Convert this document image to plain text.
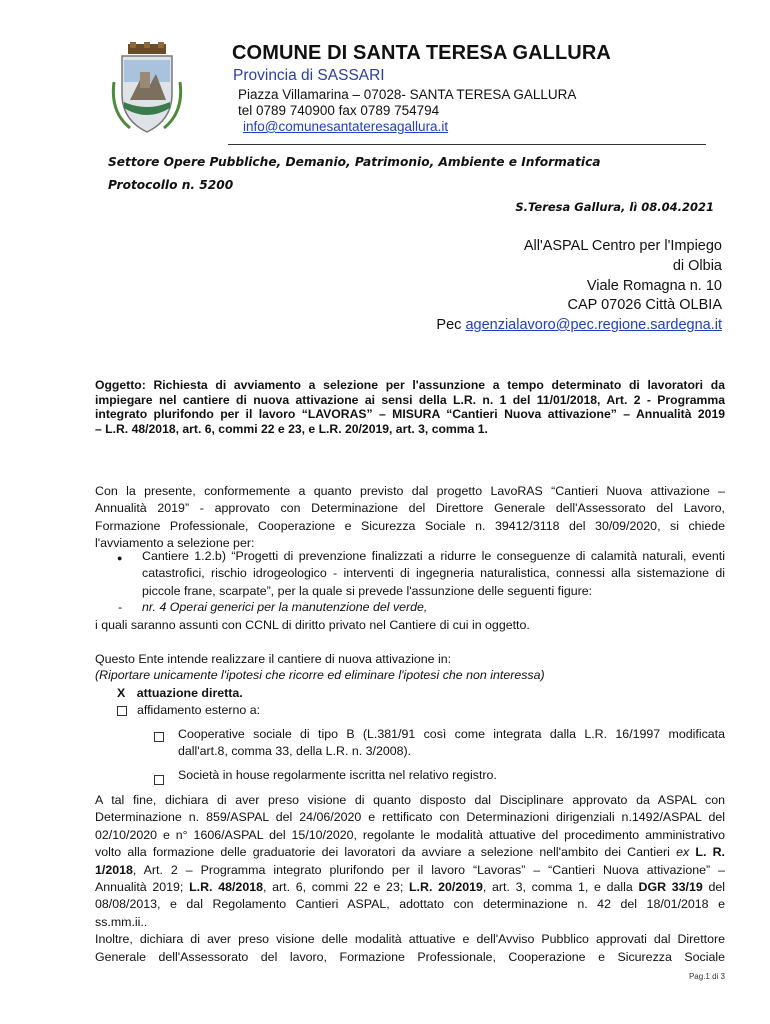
COMUNE DI SANTA TERESA GALLURA
Provincia di SASSARI
Piazza Villamarina – 07028- SANTA TERESA GALLURA
tel 0789 740900 fax 0789 754794
info@comunesantateresagallura.it
Settore Opere Pubbliche, Demanio, Patrimonio, Ambiente e Informatica
Protocollo n. 5200
S.Teresa Gallura, lì 08.04.2021
All'ASPAL Centro per l'Impiego
di Olbia
Viale Romagna n. 10
CAP 07026 Città OLBIA
Pec agenzialavoro@pec.regione.sardegna.it
Oggetto: Richiesta di avviamento a selezione per l'assunzione a tempo determinato di lavoratori da
impiegare nel cantiere di nuova attivazione ai sensi della L.R. n. 1 del 11/01/2018, Art. 2 - Programma
integrato plurifondo per il lavoro “LAVORAS” – MISURA “Cantieri Nuova attivazione” – Annualità 2019
– L.R. 48/2018, art. 6, commi 22 e 23, e L.R. 20/2019, art. 3, comma 1.
Con la presente, conformemente a quanto previsto dal progetto LavoRAS “Cantieri Nuova attivazione –
Annualità 2019” - approvato con Determinazione del Direttore Generale dell'Assessorato del Lavoro,
Formazione Professionale, Cooperazione e Sicurezza Sociale n. 39412/3118 del 30/09/2020, si chiede
l'avviamento a selezione per:
● Cantiere 1.2.b) “Progetti di prevenzione finalizzati a ridurre le conseguenze di calamità naturali, eventi
catastrofici, rischio idrogeologico - interventi di ingegneria naturalistica, connessi alla sistemazione di
piccole frane, scarpate”, per la quale si prevede l'assunzione delle seguenti figure:
- nr. 4 Operai generici per la manutenzione del verde,
i quali saranno assunti con CCNL di diritto privato nel Cantiere di cui in oggetto.
Questo Ente intende realizzare il cantiere di nuova attivazione in:
(Riportare unicamente l'ipotesi che ricorre ed eliminare l'ipotesi che non interessa)
X attuazione diretta.
affidamento esterno a:
Cooperative sociale di tipo B (L.381/91 così come integrata dalla L.R. 16/1997 modificata
dall'art.8, comma 33, della L.R. n. 3/2008).
Società in house regolarmente iscritta nel relativo registro.
A tal fine, dichiara di aver preso visione di quanto disposto dal Disciplinare approvato da ASPAL con
Determinazione n. 859/ASPAL del 24/06/2020 e rettificato con Determinazioni dirigenziali n.1492/ASPAL del
02/10/2020 e n° 1606/ASPAL del 15/10/2020, regolante le modalità attuative del procedimento amministrativo
volto alla formazione delle graduatorie dei lavoratori da avviare a selezione nell'ambito dei Cantieri ex L. R.
1/2018, Art. 2 – Programma integrato plurifondo per il lavoro “Lavoras” – “Cantieri Nuova attivazione” –
Annualità 2019; L.R. 48/2018, art. 6, commi 22 e 23; L.R. 20/2019, art. 3, comma 1, e dalla DGR 33/19 del
08/08/2013, e dal Regolamento Cantieri ASPAL, adottato con determinazione n. 42 del 18/01/2018 e
ss.mm.ii..
Inoltre, dichiara di aver preso visione delle modalità attuative e dell'Avviso Pubblico approvati dal Direttore
Generale dell'Assessorato del lavoro, Formazione Professionale, Cooperazione e Sicurezza Sociale
Pag.1 di 3
